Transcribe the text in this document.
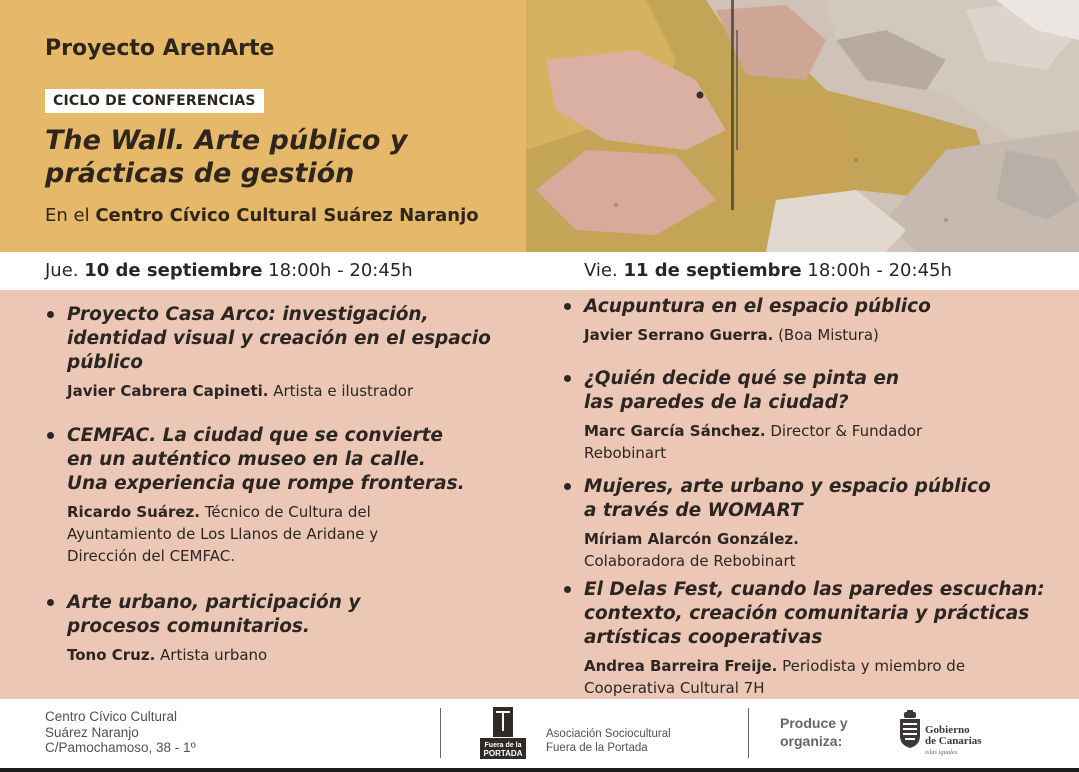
Proyecto ArenArte
CICLO DE CONFERENCIAS
The Wall. Arte público y
prácticas de gestión
En el Centro Cívico Cultural Suárez Naranjo
Jue. 10 de septiembre 18:00h - 20:45h	Vie. 11 de septiembre 18:00h - 20:45h
Proyecto Casa Arco: investigación,
identidad visual y creación en el espacio
público
Javier Cabrera Capineti. Artista e ilustrador
CEMFAC. La ciudad que se convierte
en un auténtico museo en la calle.
Una experiencia que rompe fronteras.
Ricardo Suárez. Técnico de Cultura del
Ayuntamiento de Los Llanos de Aridane y
Dirección del CEMFAC.
Arte urbano, participación y
procesos comunitarios.
Tono Cruz. Artista urbano
Acupuntura en el espacio público
Javier Serrano Guerra. (Boa Mistura)
¿Quién decide qué se pinta en
las paredes de la ciudad?
Marc García Sánchez. Director & Fundador
Rebobinart
Mujeres, arte urbano y espacio público
a través de WOMART
Míriam Alarcón González.
Colaboradora de Rebobinart
El Delas Fest, cuando las paredes escuchan:
contexto, creación comunitaria y prácticas
artísticas cooperativas
Andrea Barreira Freije. Periodista y miembro de
Cooperativa Cultural 7H
Centro Cívico Cultural
Suárez Naranjo
C/Pamochamoso, 38 - 1º	Fuera de la
PORTADA
Asociación Sociocultural
Fuera de la Portada
Produce y
organiza:
Gobierno
de Canarias
islas iguales
